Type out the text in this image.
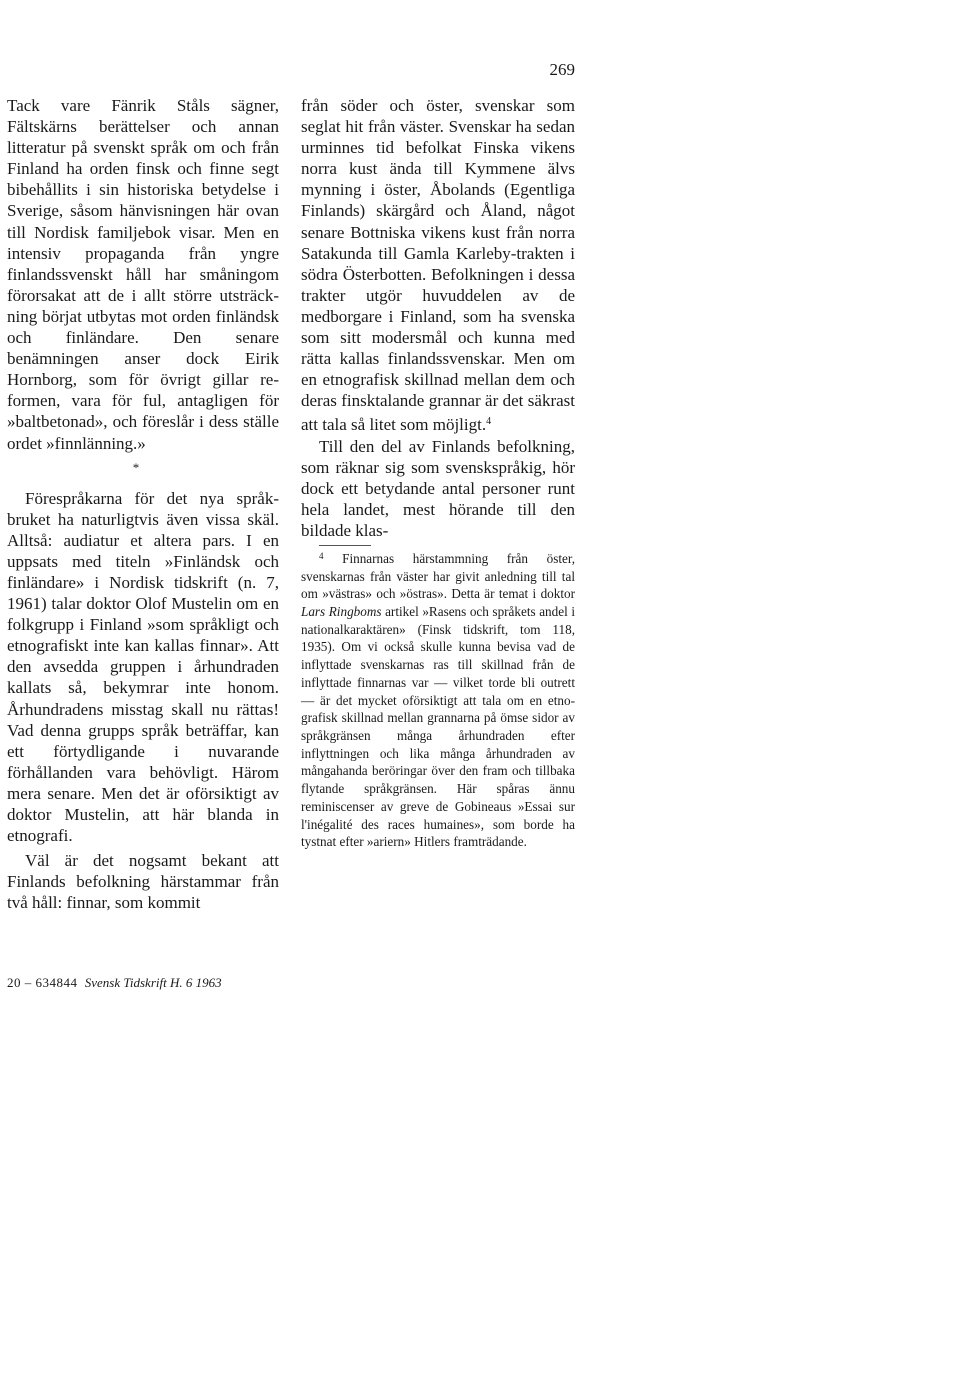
269

Tack vare Fänrik Ståls sägner, Fältskärns berättelser och annan litteratur på svenskt språk om och från Finland ha orden finsk och finne segt bibehållits i sin historiska betydelse i Sverige, såsom hänvisningen här ovan till Nordisk familjebok visar. Men en intensiv propaganda från yngre finlandssvenskt håll har småningom förorsakat att de i allt större utsträckning börjat utbytas mot orden finländsk och finländare. Den senare benämningen anser dock Eirik Hornborg, som för övrigt gillar reformen, vara för ful, antagligen för »baltbetonad», och föreslår i dess ställe ordet »finnlänning.»

*

Förespråkarna för det nya språkbruket ha naturligtvis även vissa skäl. Alltså: audiatur et altera pars. I en uppsats med titeln »Finländsk och finländare» i Nordisk tidskrift (n. 7, 1961) talar doktor Olof Mustelin om en folkgrupp i Finland »som språkligt och etnografiskt inte kan kallas finnar». Att den avsedda gruppen i århundraden kallats så, bekymrar inte honom. Århundradens misstag skall nu rättas! Vad denna grupps språk beträffar, kan ett förtydligande i nuvarande förhållanden vara behövligt. Härom mera senare. Men det är oförsiktigt av doktor Mustelin, att här blanda in etnografi.

Väl är det nogsamt bekant att Finlands befolkning härstammar från två håll: finnar, som kommit

från söder och öster, svenskar som seglat hit från väster. Svenskar ha sedan urminnes tid befolkat Finska vikens norra kust ända till Kymmene älvs mynning i öster, Åbolands (Egentliga Finlands) skärgård och Åland, något senare Bottniska vikens kust från norra Satakunda till Gamla Karleby-trakten i södra Österbotten. Befolkningen i dessa trakter utgör huvuddelen av de medborgare i Finland, som ha svenska som sitt modersmål och kunna med rätta kallas finlandssvenskar. Men om en etnografisk skillnad mellan dem och deras finsktalande grannar är det säkrast att tala så litet som möjligt.$^4$

Till den del av Finlands befolkning, som räknar sig som svenskspråkig, hör dock ett betydande antal personer runt hela landet, mest hörande till den bildade klas-

$^4$ Finnarnas härstammning från öster, svenskarnas från väster har givit anledning till tal om »västras» och »östras». Detta är temat i doktor Lars Ringboms artikel »Rasens och språkets andel i nationalkaraktären» (Finsk tidskrift, tom 118, 1935). Om vi också skulle kunna bevisa vad de inflyttade svenskarnas ras till skillnad från de inflyttade finnarnas var — vilket torde bli outrett — är det mycket oförsiktigt att tala om en etnografisk skillnad mellan grannarna på ömse sidor av språkgränsen många århundraden efter inflyttningen och lika många århundraden av mångahanda beröringar över den fram och tillbaka flytande språkgränsen. Här spåras ännu reminiscenser av greve de Gobineaus »Essai sur l'inégalité des races humaines», som borde ha tystnat efter »ariern» Hitlers framträdande.

20 – 634844 Svensk Tidskrift H. 6 1963
